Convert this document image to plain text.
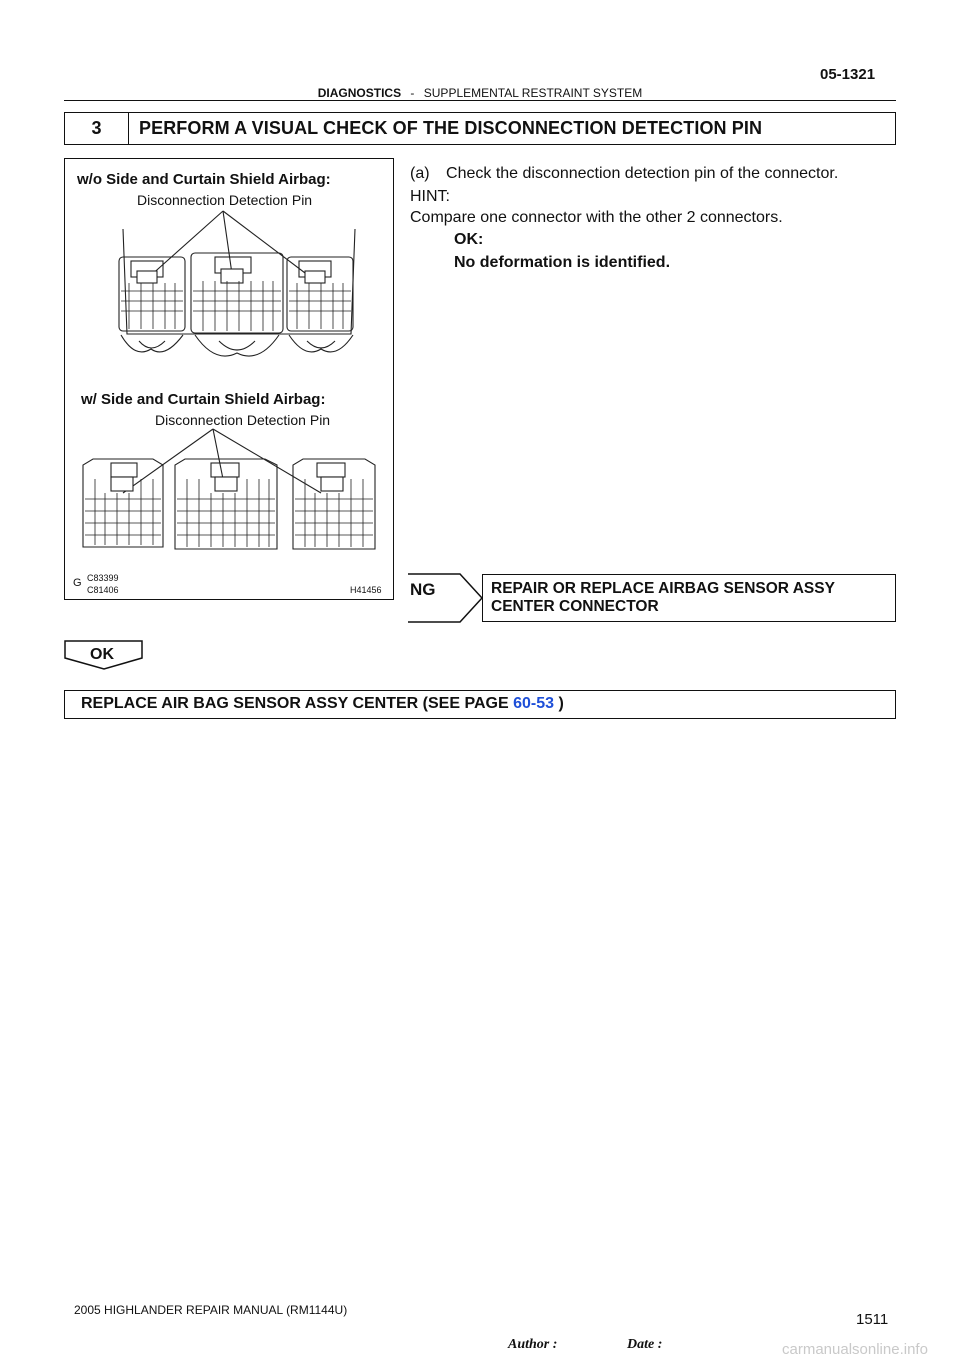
05-1321
DIAGNOSTICS - SUPPLEMENTAL RESTRAINT SYSTEM
3	PERFORM A VISUAL CHECK OF THE DISCONNECTION DETECTION PIN
w/o Side and Curtain Shield Airbag:
Disconnection Detection Pin
w/ Side and Curtain Shield Airbag:
Disconnection Detection Pin
G C83399
C81406	H41456
(a) Check the disconnection detection pin of the connector.
HINT:
Compare one connector with the other 2 connectors.
OK:
No deformation is identified.
NG	REPAIR OR REPLACE AIRBAG SENSOR ASSY
CENTER CONNECTOR
OK
REPLACE AIR BAG SENSOR ASSY CENTER (SEE PAGE 60-53 )
2005 HIGHLANDER REPAIR MANUAL (RM1144U)
1511
Author :	Date :	carmanualsonline.info
